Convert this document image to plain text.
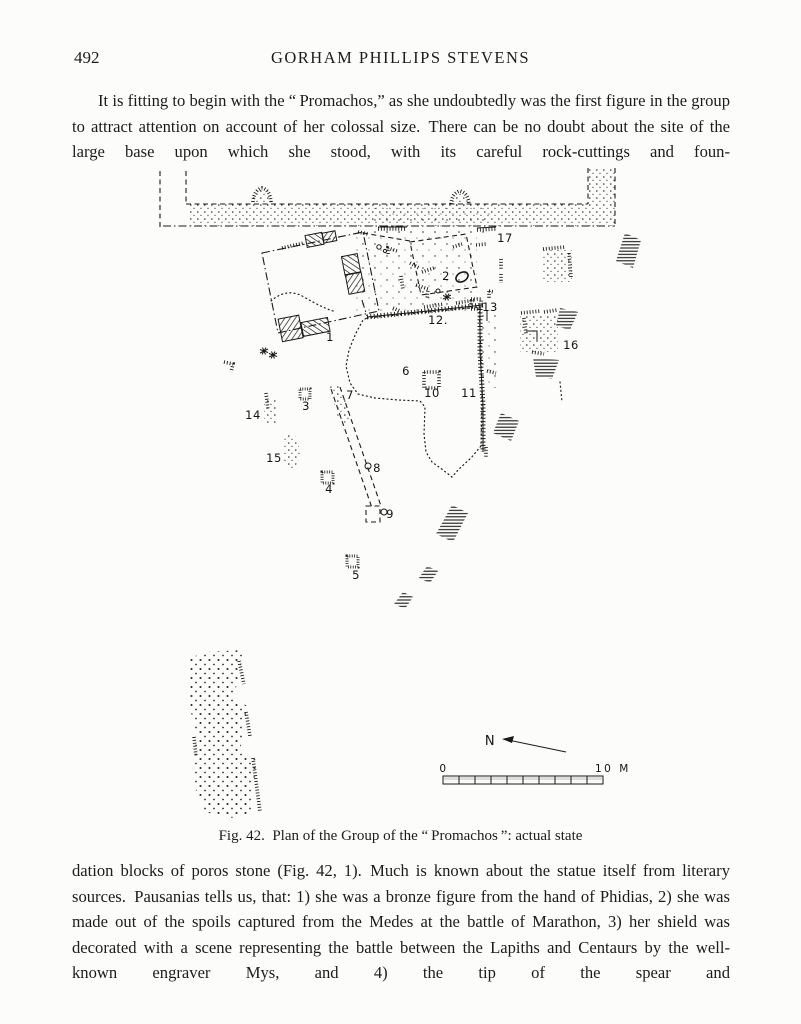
492	GORHAM PHILLIPS STEVENS
It is fitting to begin with the “ Promachos,” as she undoubtedly was the first figure in the group to attract attention on account of her colossal size. There can be no doubt about the site of the large base upon which she stood, with its careful rock-cuttings and foun-
N
0	10 M
1
2
3
4
5
6
7
8
9
10 11
12.
13
14
15
16
17
Fig. 42. Plan of the Group of the “ Promachos ”: actual state
dation blocks of poros stone (Fig. 42, 1). Much is known about the statue itself from literary sources. Pausanias tells us, that: 1) she was a bronze figure from the hand of Phidias, 2) she was made out of the spoils captured from the Medes at the battle of Marathon, 3) her shield was decorated with a scene representing the battle between the Lapiths and Centaurs by the well-known engraver Mys, and 4) the tip of the spear and
